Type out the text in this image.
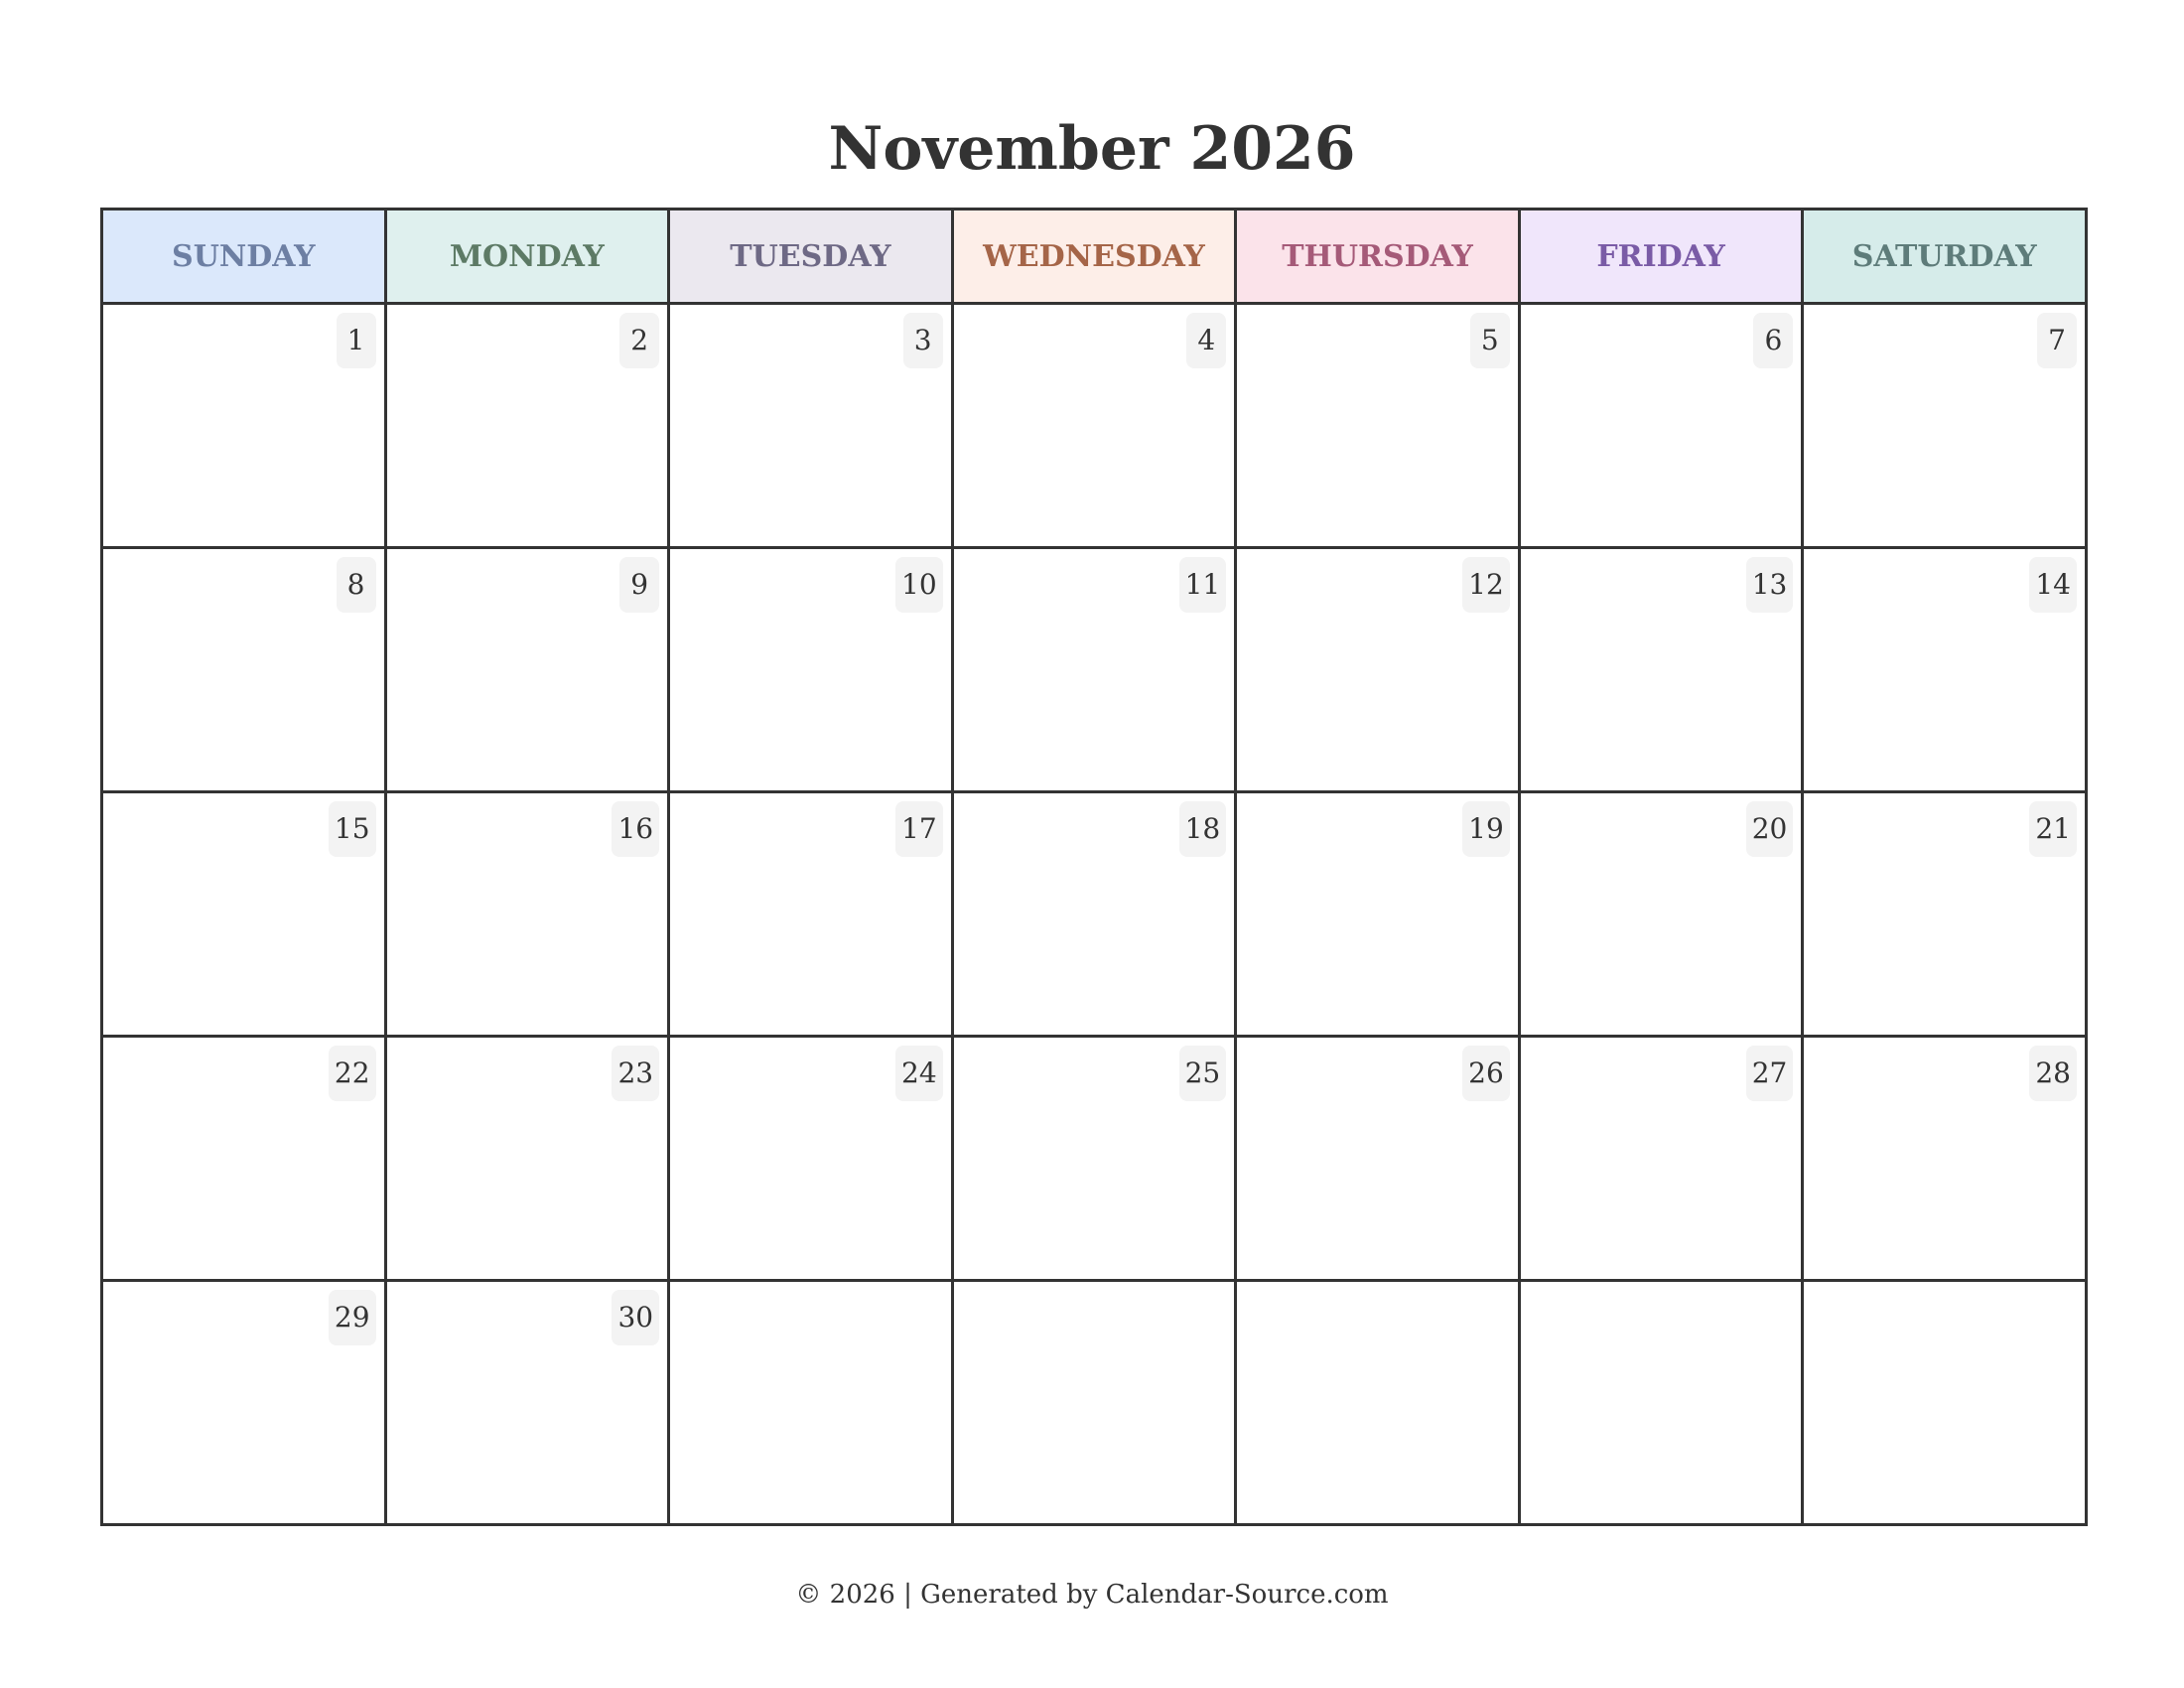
November 2026
SUNDAY	MONDAY	TUESDAY	WEDNESDAY	THURSDAY	FRIDAY	SATURDAY

1	2	3	4	5	6	7

8	9	10	11	12	13	14

15	16	17	18	19	20	21

22	23	24	25	26	27	28

29	30					

© 2026 | Generated by Calendar-Source.com
